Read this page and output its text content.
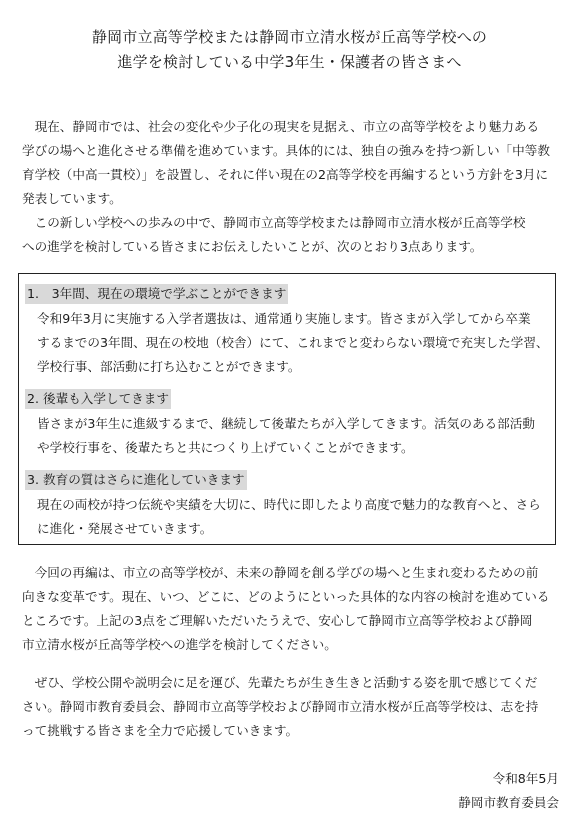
静岡市立高等学校または静岡市立清水桜が丘高等学校への
進学を検討している中学3年生・保護者の皆さまへ
　現在、静岡市では、社会の変化や少子化の現実を見据え、市立の高等学校をより魅力ある
学びの場へと進化させる準備を進めています。具体的には、独自の強みを持つ新しい「中等教
育学校（中高一貫校）」を設置し、それに伴い現在の2高等学校を再編するという方針を3月に
発表しています。
　この新しい学校への歩みの中で、静岡市立高等学校または静岡市立清水桜が丘高等学校
への進学を検討している皆さまにお伝えしたいことが、次のとおり3点あります。
1.　3年間、現在の環境で学ぶことができます
令和9年3月に実施する入学者選抜は、通常通り実施します。皆さまが入学してから卒業
するまでの3年間、現在の校地（校舎）にて、これまでと変わらない環境で充実した学習、
学校行事、部活動に打ち込むことができます。
2. 後輩も入学してきます
皆さまが3年生に進級するまで、継続して後輩たちが入学してきます。活気のある部活動
や学校行事を、後輩たちと共につくり上げていくことができます。
3. 教育の質はさらに進化していきます
現在の両校が持つ伝統や実績を大切に、時代に即したより高度で魅力的な教育へと、さら
に進化・発展させていきます。
　今回の再編は、市立の高等学校が、未来の静岡を創る学びの場へと生まれ変わるための前
向きな変革です。現在、いつ、どこに、どのようにといった具体的な内容の検討を進めている
ところです。上記の3点をご理解いただいたうえで、安心して静岡市立高等学校および静岡
市立清水桜が丘高等学校への進学を検討してください。
　ぜひ、学校公開や説明会に足を運び、先輩たちが生き生きと活動する姿を肌で感じてくだ
さい。静岡市教育委員会、静岡市立高等学校および静岡市立清水桜が丘高等学校は、志を持
って挑戦する皆さまを全力で応援していきます。
令和8年5月
静岡市教育委員会
